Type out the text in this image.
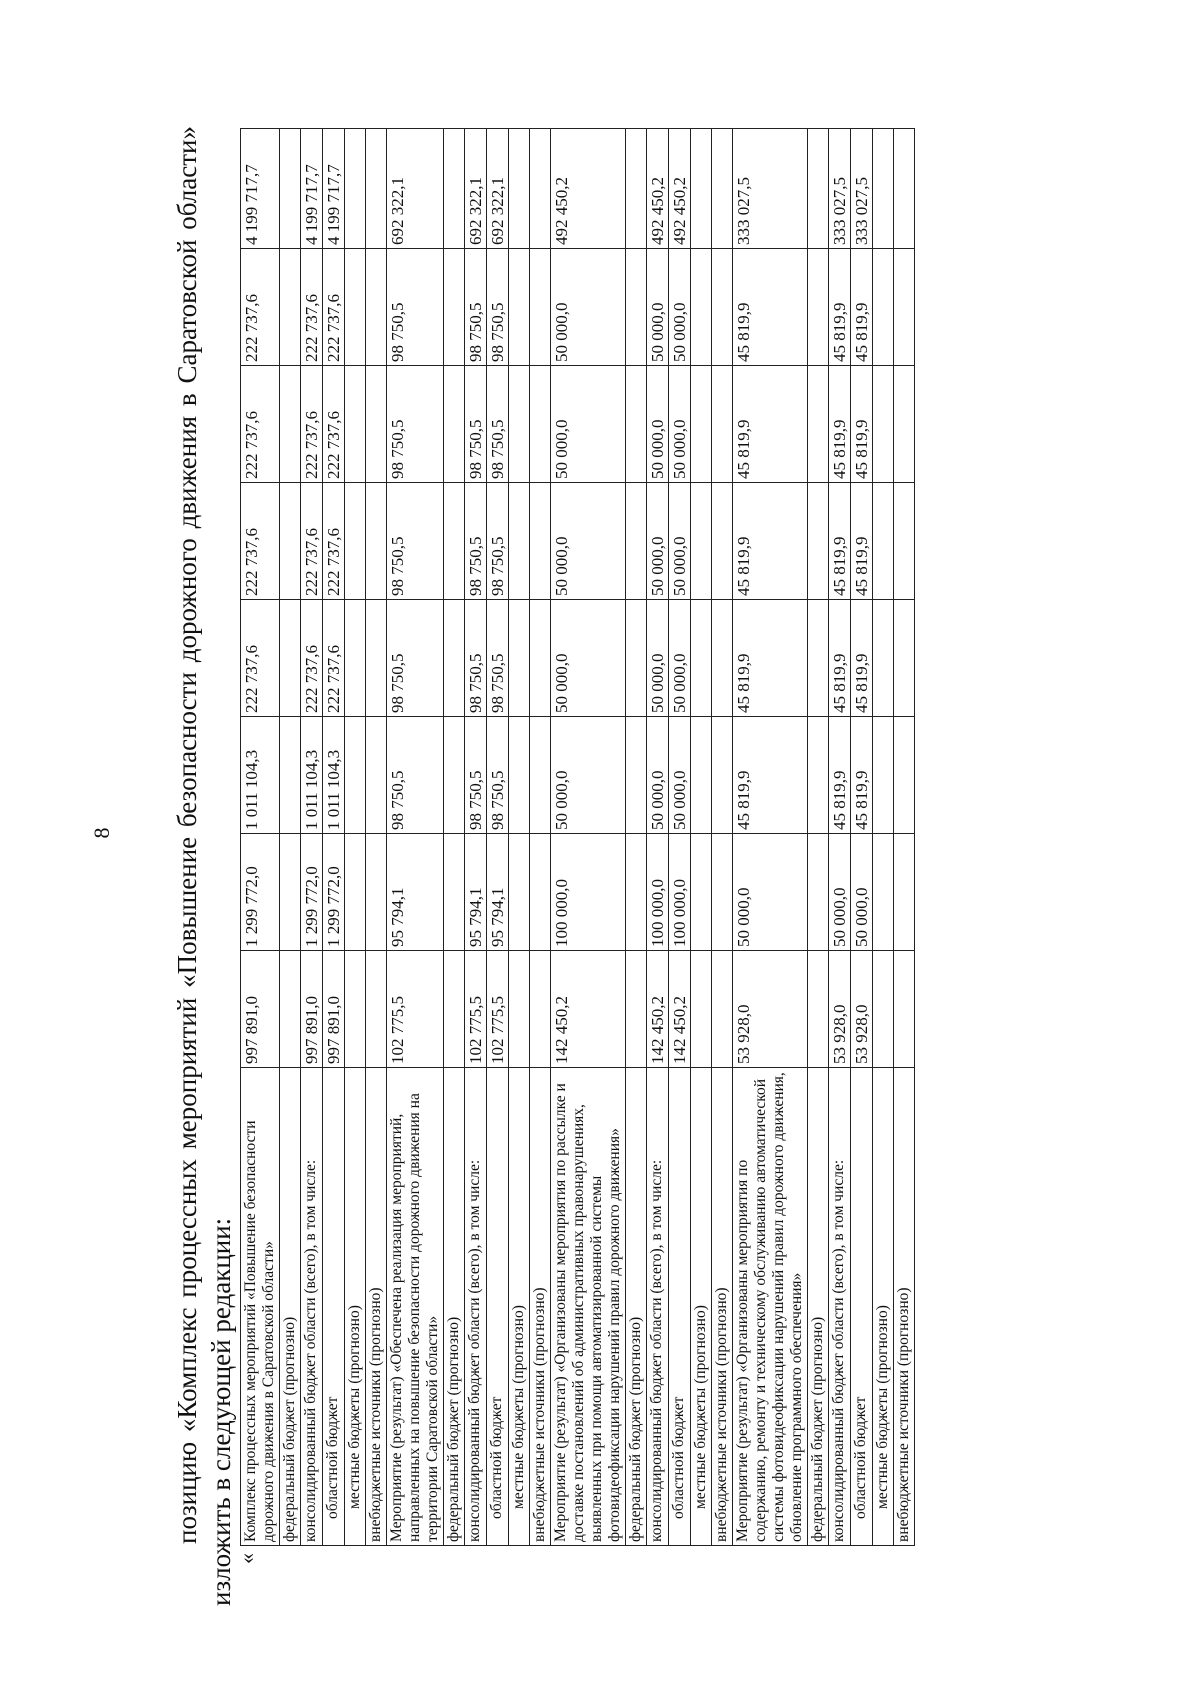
8 позицию «Комплекс процессных мероприятий «Повышение безопасности дорожного движения в Саратовской области» изложить в следующей редакции:

«
Комплекс процессных мероприятий «Повышение безопасности дорожного движения в Саратовской области»	997 891,0	1 299 772,0	1 011 104,3	222 737,6	222 737,6	222 737,6	222 737,6	4 199 717,7
федеральный бюджет (прогнозно)								
консолидированный бюджет области (всего), в том числе:	997 891,0	1 299 772,0	1 011 104,3	222 737,6	222 737,6	222 737,6	222 737,6	4 199 717,7
областной бюджет	997 891,0	1 299 772,0	1 011 104,3	222 737,6	222 737,6	222 737,6	222 737,6	4 199 717,7
местные бюджеты (прогнозно)								
внебюджетные источники (прогнозно)								
Мероприятие (результат) «Обеспечена реализация мероприятий, направленных на повышение безопасности дорожного движения на территории Саратовской области»	102 775,5	95 794,1	98 750,5	98 750,5	98 750,5	98 750,5	98 750,5	692 322,1
федеральный бюджет (прогнозно)								
консолидированный бюджет области (всего), в том числе:	102 775,5	95 794,1	98 750,5	98 750,5	98 750,5	98 750,5	98 750,5	692 322,1
областной бюджет	102 775,5	95 794,1	98 750,5	98 750,5	98 750,5	98 750,5	98 750,5	692 322,1
местные бюджеты (прогнозно)								
внебюджетные источники (прогнозно)								
Мероприятие (результат) «Организованы мероприятия по рассылке и доставке постановлений об административных правонарушениях, выявленных при помощи автоматизированной системы фотовидеофиксации нарушений правил дорожного движения»	142 450,2	100 000,0	50 000,0	50 000,0	50 000,0	50 000,0	50 000,0	492 450,2
федеральный бюджет (прогнозно)								
консолидированный бюджет области (всего), в том числе:	142 450,2	100 000,0	50 000,0	50 000,0	50 000,0	50 000,0	50 000,0	492 450,2
областной бюджет	142 450,2	100 000,0	50 000,0	50 000,0	50 000,0	50 000,0	50 000,0	492 450,2
местные бюджеты (прогнозно)								
внебюджетные источники (прогнозно)								
Мероприятие (результат) «Организованы мероприятия по содержанию, ремонту и техническому обслуживанию автоматической системы фотовидеофиксации нарушений правил дорожного движения, обновление программного обеспечения»	53 928,0	50 000,0	45 819,9	45 819,9	45 819,9	45 819,9	45 819,9	333 027,5
федеральный бюджет (прогнозно)								
консолидированный бюджет области (всего), в том числе:	53 928,0	50 000,0	45 819,9	45 819,9	45 819,9	45 819,9	45 819,9	333 027,5
областной бюджет	53 928,0	50 000,0	45 819,9	45 819,9	45 819,9	45 819,9	45 819,9	333 027,5
местные бюджеты (прогнозно)								
внебюджетные источники (прогнозно)								
